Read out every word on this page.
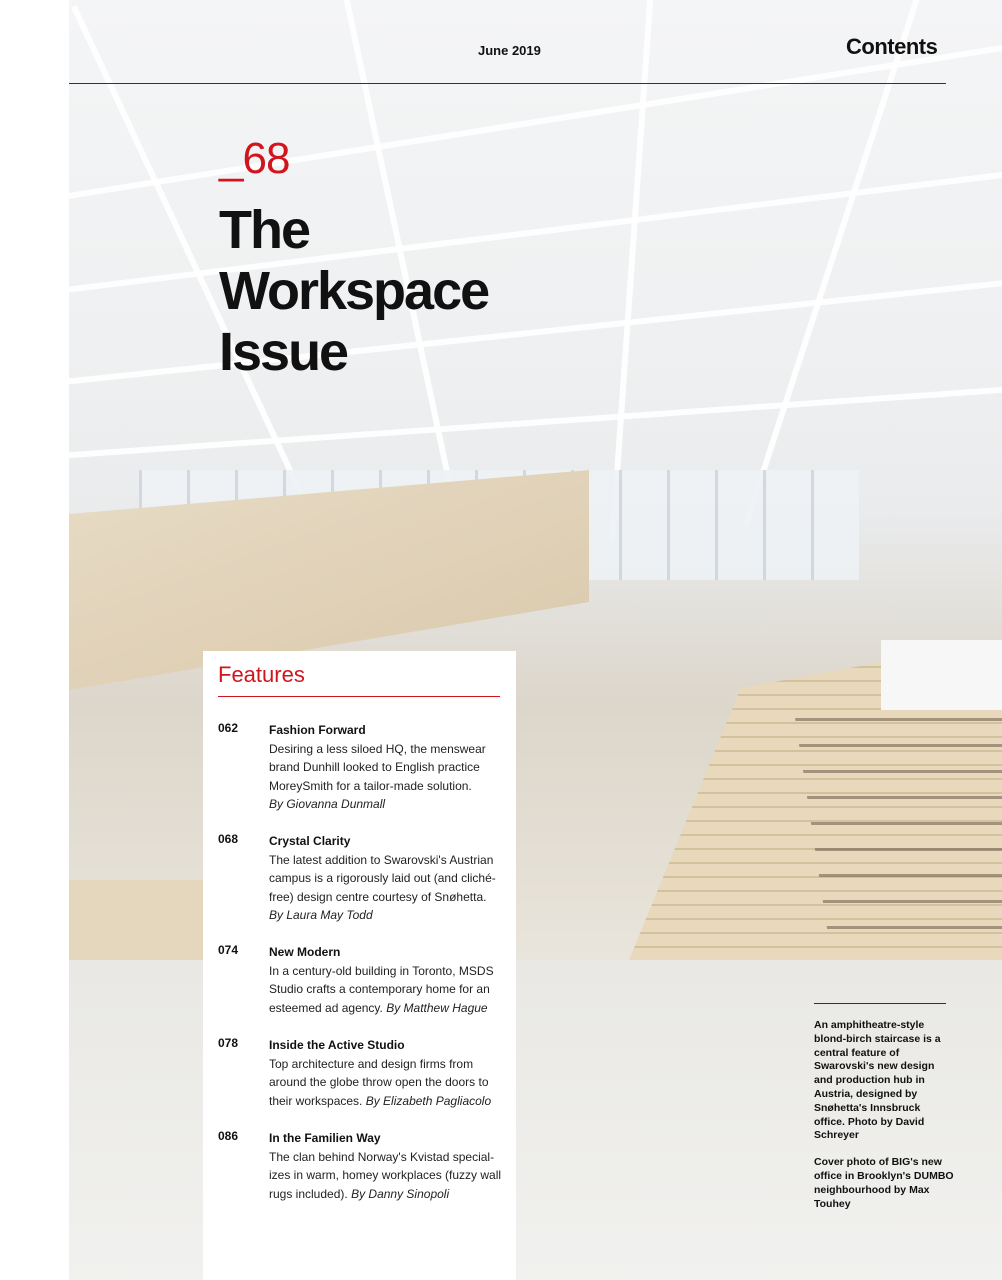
June 2019	Contents
_68
The
Workspace
Issue
Features
062	Fashion Forward
Desiring a less siloed HQ, the menswear brand Dunhill looked to English practice MoreySmith for a tailor-made solution.
By Giovanna Dunmall
068	Crystal Clarity
The latest addition to Swarovski's Austrian campus is a rigorously laid out (and cliché-free) design centre courtesy of Snøhetta.
By Laura May Todd
074	New Modern
In a century-old building in Toronto, MSDS Studio crafts a contemporary home for an esteemed ad agency. By Matthew Hague
078	Inside the Active Studio
Top architecture and design firms from around the globe throw open the doors to their workspaces. By Elizabeth Pagliacolo
086	In the Familien Way
The clan behind Norway's Kvistad special-izes in warm, homey workplaces (fuzzy wall rugs included). By Danny Sinopoli

An amphitheatre-style blond-birch staircase is a central feature of Swarovski's new design and production hub in Austria, designed by Snøhetta's Innsbruck office. Photo by David Schreyer

Cover photo of BIG's new office in Brooklyn's DUMBO neighbourhood by Max Touhey
